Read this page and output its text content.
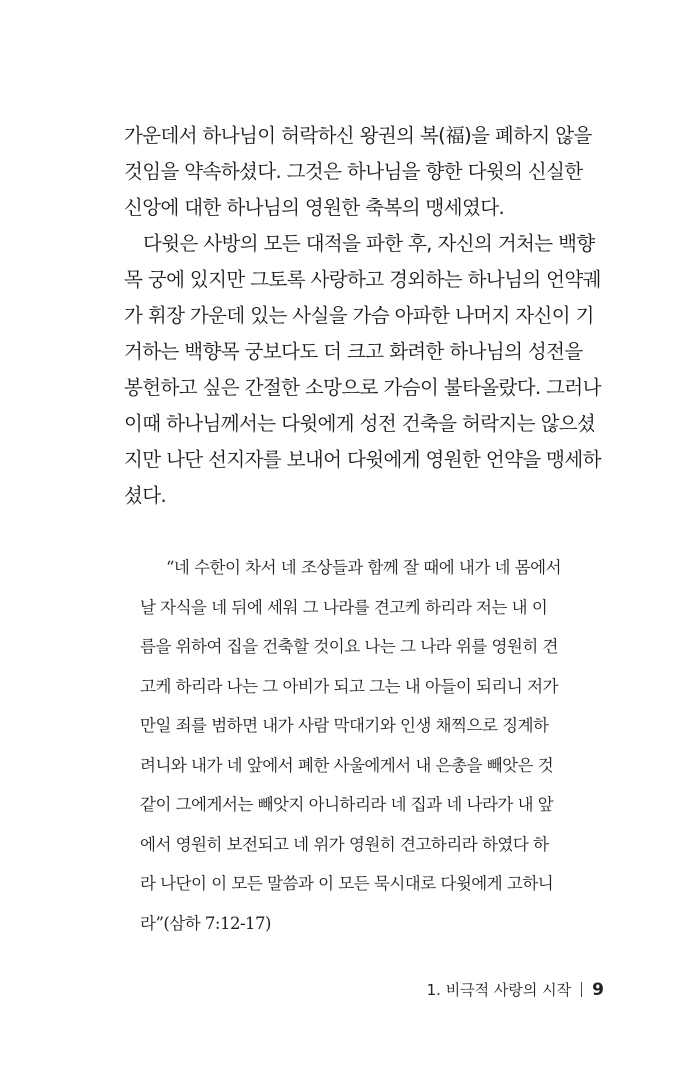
가운데서 하나님이 허락하신 왕권의 복(福)을 폐하지 않을
것임을 약속하셨다. 그것은 하나님을 향한 다윗의 신실한
신앙에 대한 하나님의 영원한 축복의 맹세였다.
다윗은 사방의 모든 대적을 파한 후, 자신의 거처는 백향
목 궁에 있지만 그토록 사랑하고 경외하는 하나님의 언약궤
가 휘장 가운데 있는 사실을 가슴 아파한 나머지 자신이 기
거하는 백향목 궁보다도 더 크고 화려한 하나님의 성전을
봉헌하고 싶은 간절한 소망으로 가슴이 불타올랐다. 그러나
이때 하나님께서는 다윗에게 성전 건축을 허락지는 않으셨
지만 나단 선지자를 보내어 다윗에게 영원한 언약을 맹세하
셨다.
“네 수한이 차서 네 조상들과 함께 잘 때에 내가 네 몸에서
날 자식을 네 뒤에 세워 그 나라를 견고케 하리라 저는 내 이
름을 위하여 집을 건축할 것이요 나는 그 나라 위를 영원히 견
고케 하리라 나는 그 아비가 되고 그는 내 아들이 되리니 저가
만일 죄를 범하면 내가 사람 막대기와 인생 채찍으로 징계하
려니와 내가 네 앞에서 폐한 사울에게서 내 은총을 빼앗은 것
같이 그에게서는 빼앗지 아니하리라 네 집과 네 나라가 내 앞
에서 영원히 보전되고 네 위가 영원히 견고하리라 하였다 하
라 나단이 이 모든 말씀과 이 모든 묵시대로 다윗에게 고하니
라”(삼하 7:12-17)
1. 비극적 사랑의 시작 9
